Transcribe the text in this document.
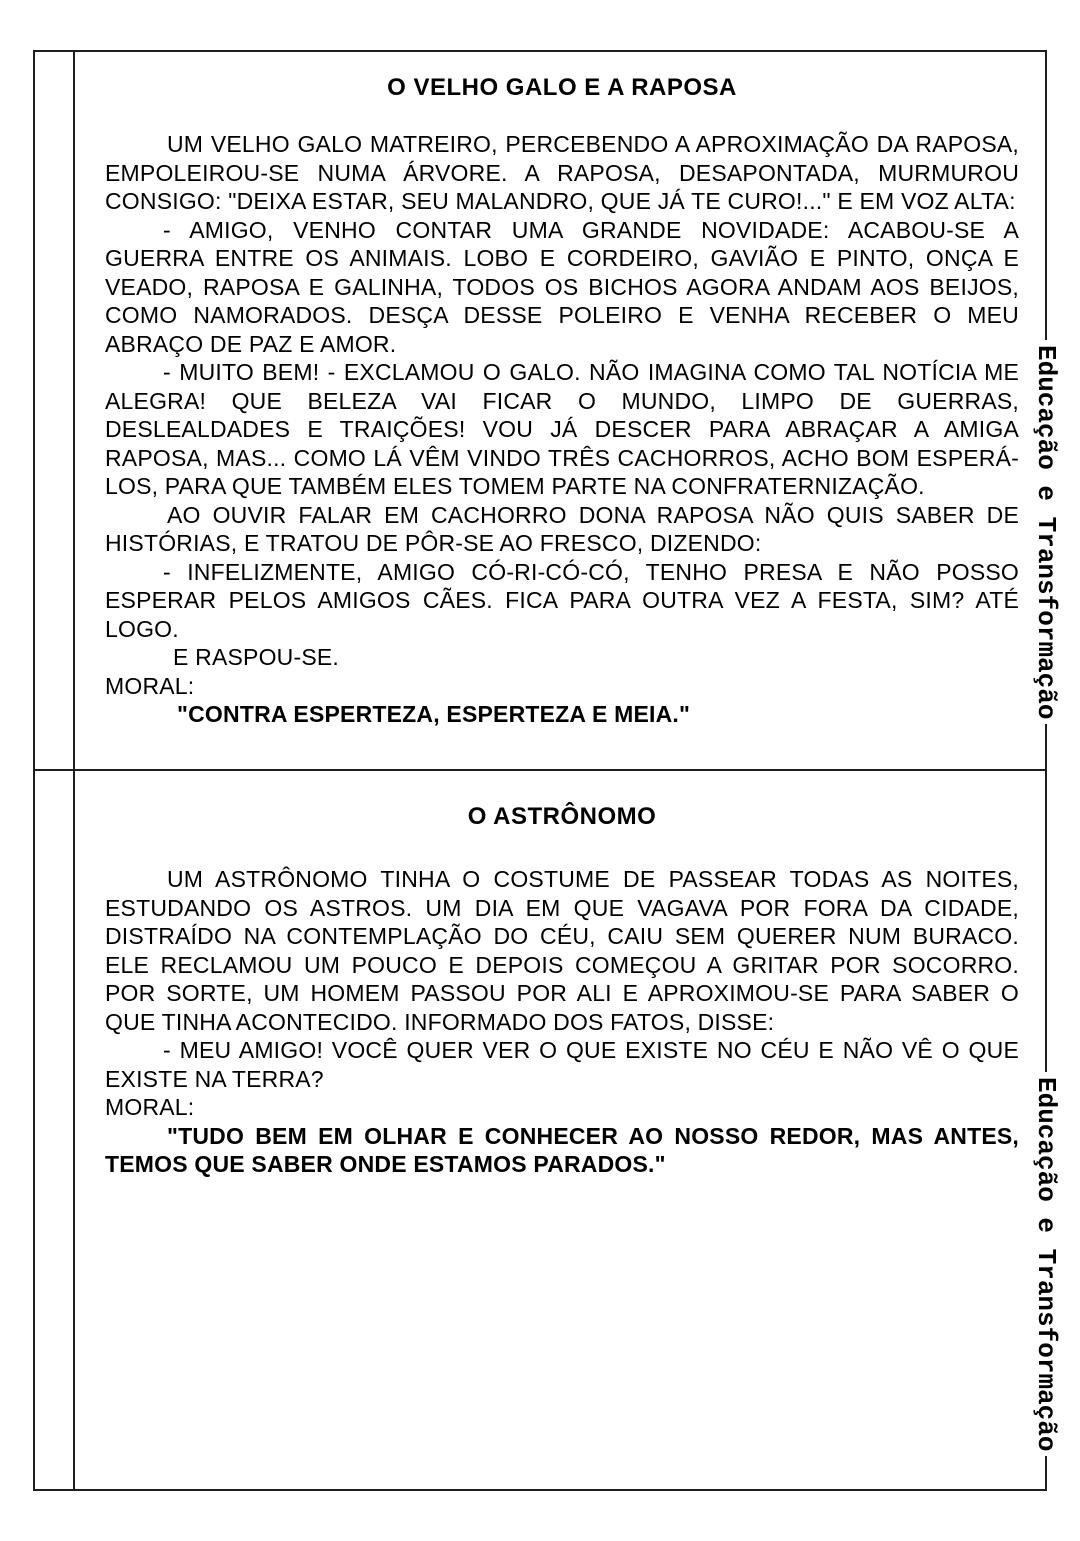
O VELHO GALO E A RAPOSA

UM VELHO GALO MATREIRO, PERCEBENDO A APROXIMAÇÃO DA RAPOSA, EMPOLEIROU-SE NUMA ÁRVORE. A RAPOSA, DESAPONTADA, MURMUROU CONSIGO: "DEIXA ESTAR, SEU MALANDRO, QUE JÁ TE CURO!..." E EM VOZ ALTA:

- AMIGO, VENHO CONTAR UMA GRANDE NOVIDADE: ACABOU-SE A GUERRA ENTRE OS ANIMAIS. LOBO E CORDEIRO, GAVIÃO E PINTO, ONÇA E VEADO, RAPOSA E GALINHA, TODOS OS BICHOS AGORA ANDAM AOS BEIJOS, COMO NAMORADOS. DESÇA DESSE POLEIRO E VENHA RECEBER O MEU ABRAÇO DE PAZ E AMOR.

- MUITO BEM! - EXCLAMOU O GALO. NÃO IMAGINA COMO TAL NOTÍCIA ME ALEGRA! QUE BELEZA VAI FICAR O MUNDO, LIMPO DE GUERRAS, DESLEALDADES E TRAIÇÕES! VOU JÁ DESCER PARA ABRAÇAR A AMIGA RAPOSA, MAS... COMO LÁ VÊM VINDO TRÊS CACHORROS, ACHO BOM ESPERÁ-LOS, PARA QUE TAMBÉM ELES TOMEM PARTE NA CONFRATERNIZAÇÃO.

AO OUVIR FALAR EM CACHORRO DONA RAPOSA NÃO QUIS SABER DE HISTÓRIAS, E TRATOU DE PÔR-SE AO FRESCO, DIZENDO:

- INFELIZMENTE, AMIGO CÓ-RI-CÓ-CÓ, TENHO PRESA E NÃO POSSO ESPERAR PELOS AMIGOS CÃES. FICA PARA OUTRA VEZ A FESTA, SIM? ATÉ LOGO.

E RASPOU-SE.

MORAL:

"CONTRA ESPERTEZA, ESPERTEZA E MEIA."

O ASTRÔNOMO

UM ASTRÔNOMO TINHA O COSTUME DE PASSEAR TODAS AS NOITES, ESTUDANDO OS ASTROS. UM DIA EM QUE VAGAVA POR FORA DA CIDADE, DISTRAÍDO NA CONTEMPLAÇÃO DO CÉU, CAIU SEM QUERER NUM BURACO. ELE RECLAMOU UM POUCO E DEPOIS COMEÇOU A GRITAR POR SOCORRO. POR SORTE, UM HOMEM PASSOU POR ALI E APROXIMOU-SE PARA SABER O QUE TINHA ACONTECIDO. INFORMADO DOS FATOS, DISSE:

- MEU AMIGO! VOCÊ QUER VER O QUE EXISTE NO CÉU E NÃO VÊ O QUE EXISTE NA TERRA?

MORAL:

"TUDO BEM EM OLHAR E CONHECER AO NOSSO REDOR, MAS ANTES, TEMOS QUE SABER ONDE ESTAMOS PARADOS."

Educação e Transformação
Educação e Transformação
